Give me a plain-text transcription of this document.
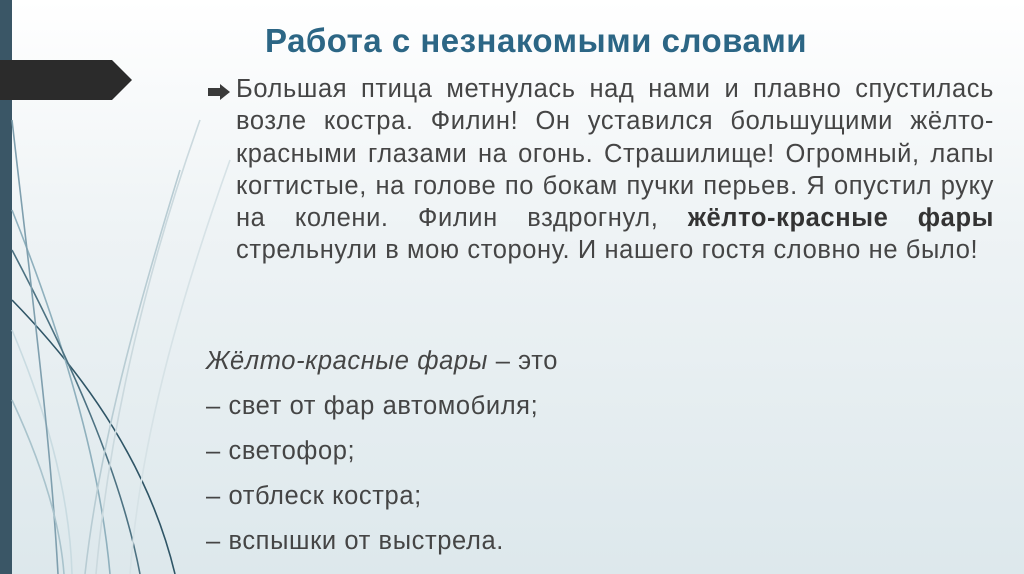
Работа с незнакомыми словами
Большая птица метнулась над нами и плавно спустилась возле костра. Филин! Он уставился большущими жёлто-красными глазами на огонь. Страшилище! Огромный, лапы когтистые, на голове по бокам пучки перьев. Я опустил руку на колени. Филин вздрогнул, жёлто-красные фары стрельнули в мою сторону. И нашего гостя словно не было!
Жёлто-красные фары – это
– свет от фар автомобиля;
– светофор;
– отблеск костра;
– вспышки от выстрела.
